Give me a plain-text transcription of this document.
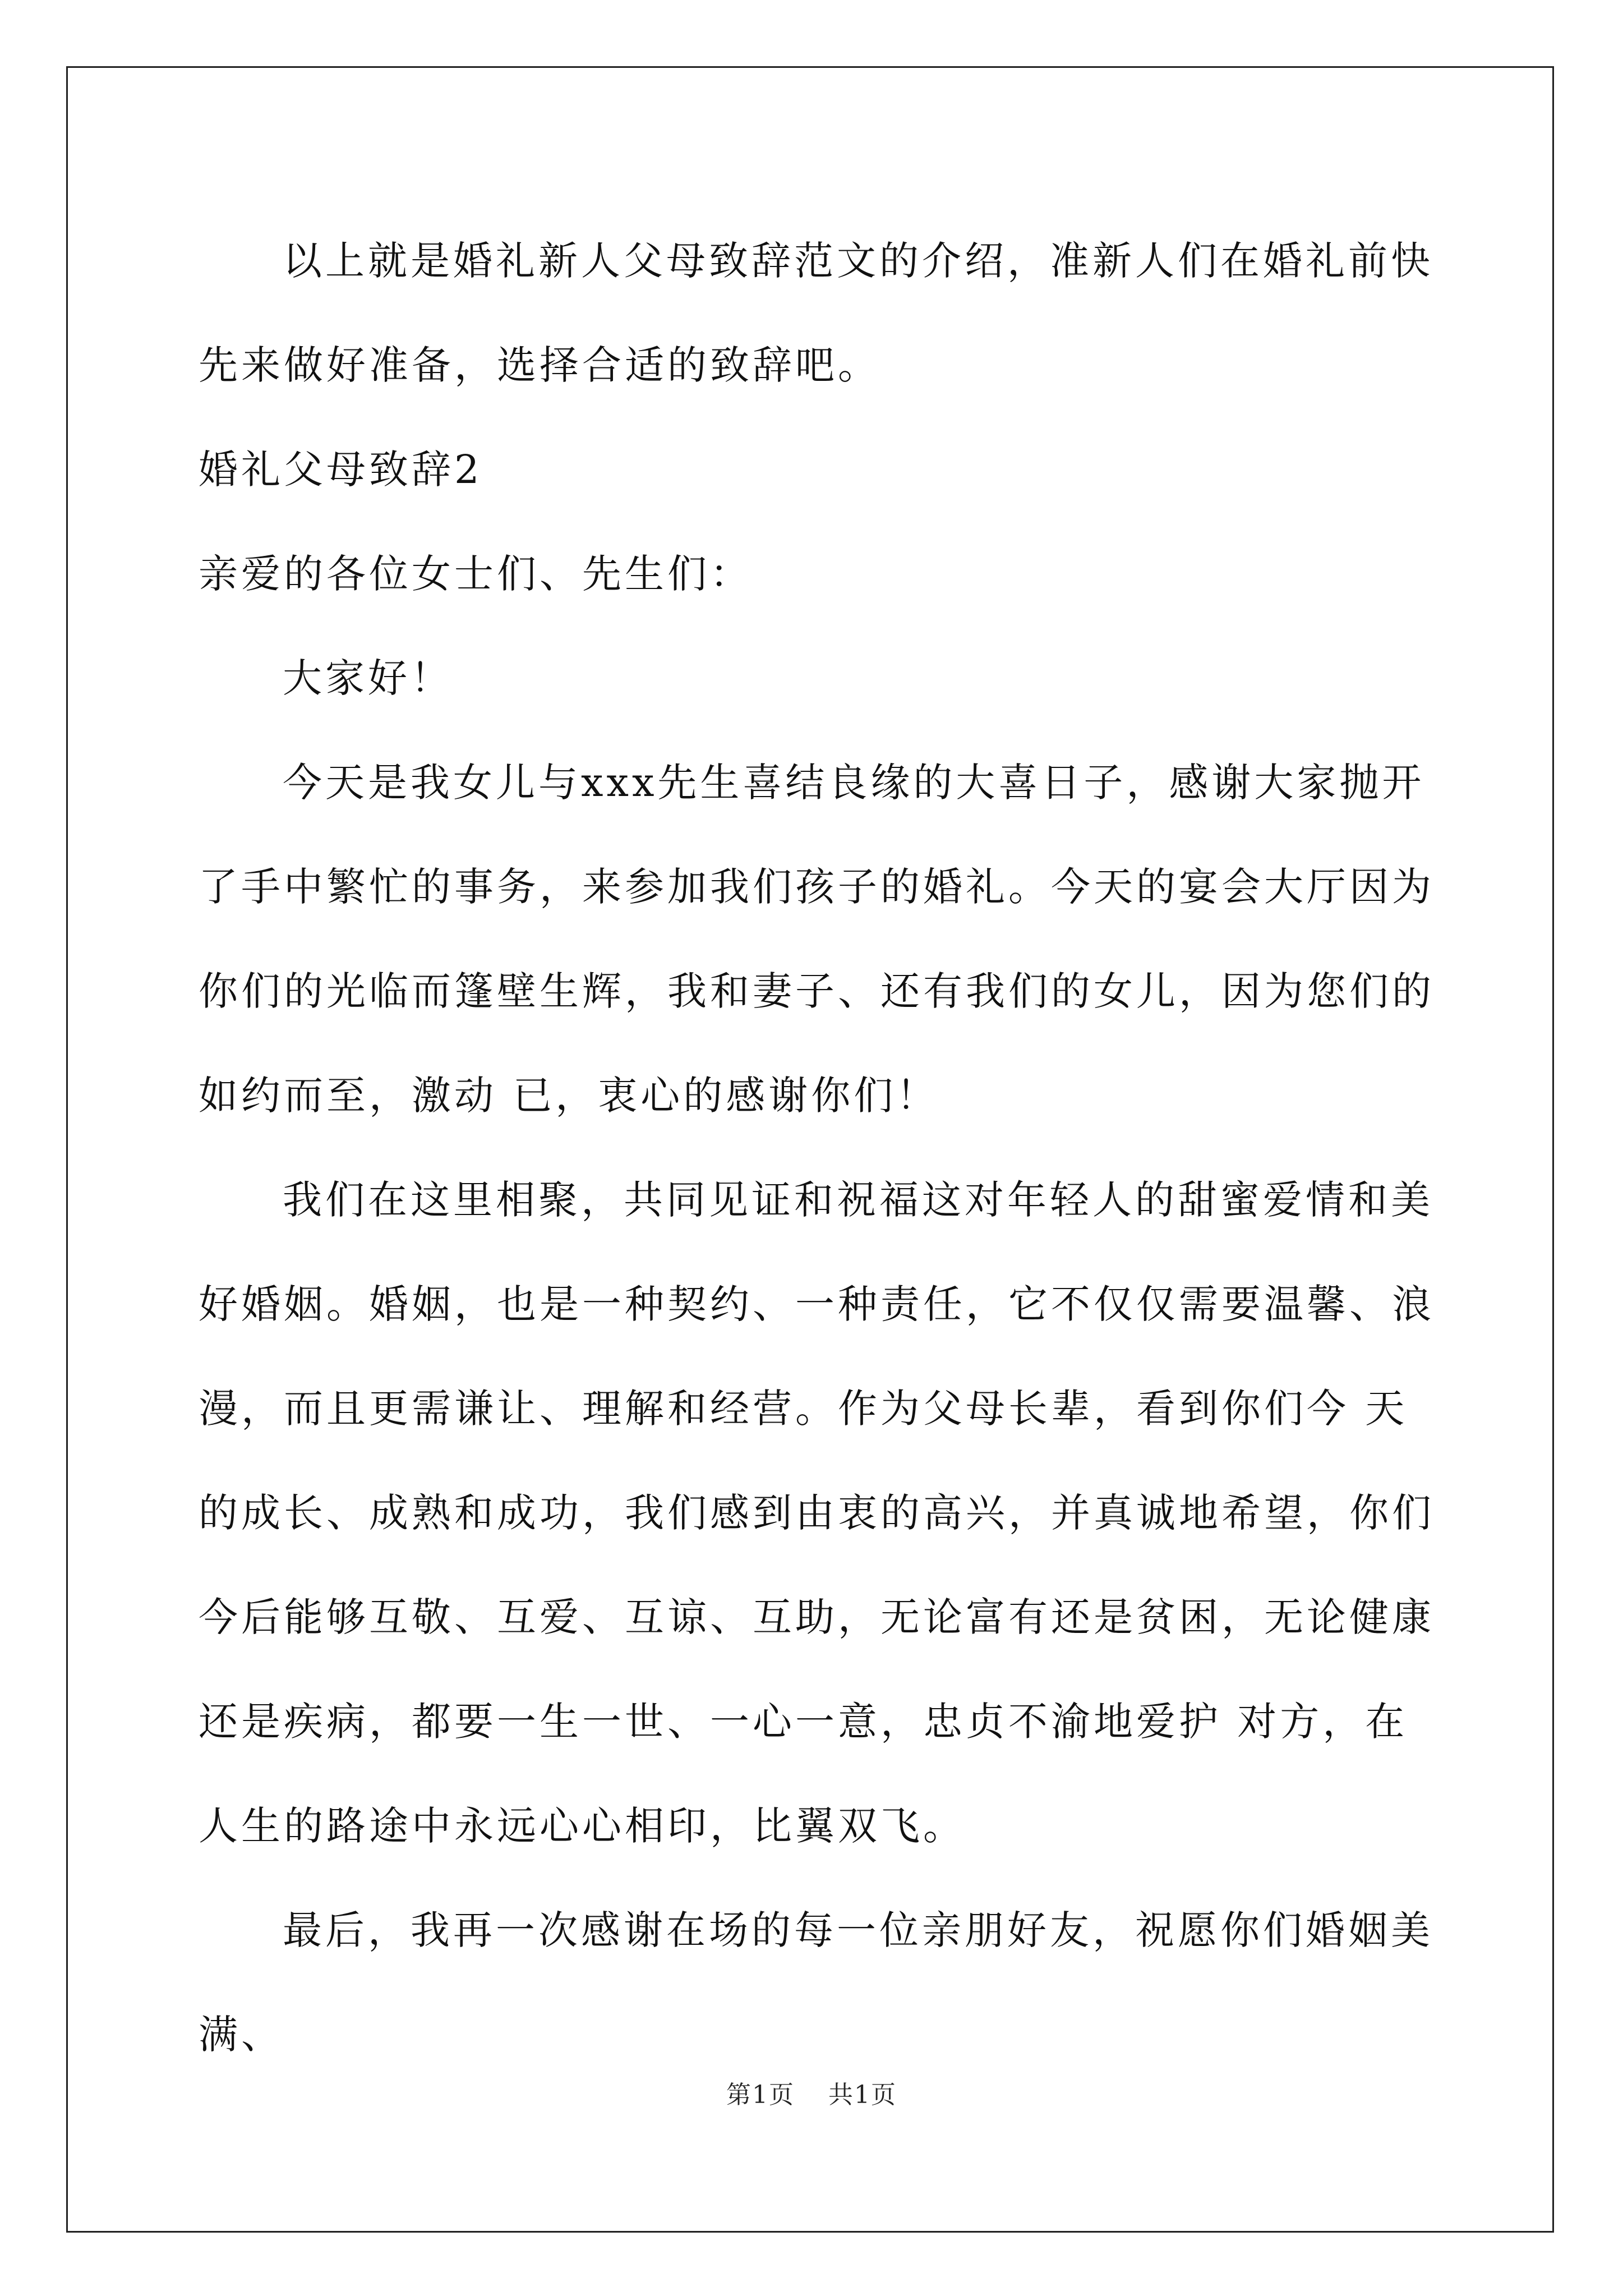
以上就是婚礼新人父母致辞范文的介绍，准新人们在婚礼前快先来做好准备，选择合适的致辞吧。

婚礼父母致辞2

亲爱的各位女士们、先生们：

大家好！

今天是我女儿与xxx先生喜结良缘的大喜日子，感谢大家抛开了手中繁忙的事务，来参加我们孩子的婚礼。今天的宴会大厅因为你们的光临而篷壁生辉，我和妻子、还有我们的女儿，因为您们的如约而至，激动 已，衷心的感谢你们！

我们在这里相聚，共同见证和祝福这对年轻人的甜蜜爱情和美好婚姻。婚姻，也是一种契约、一种责任，它不仅仅需要温馨、浪漫，而且更需谦让、理解和经营。作为父母长辈，看到你们今 天的成长、成熟和成功，我们感到由衷的高兴，并真诚地希望，你们今后能够互敬、互爱、互谅、互助，无论富有还是贫困，无论健康还是疾病，都要一生一世、一心一意，忠贞不渝地爱护 对方，在人生的路途中永远心心相印，比翼双飞。

最后，我再一次感谢在场的每一位亲朋好友，祝愿你们婚姻美满、

第1页 共1页
